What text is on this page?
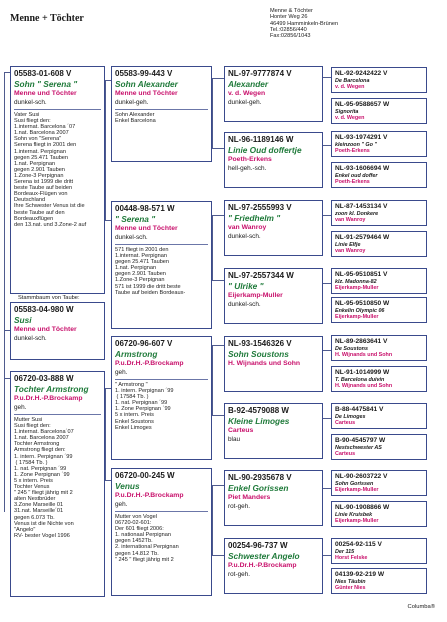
Menne + Töchter
Menne & Töchter
Honter Weg 26
46499 Hamminkeln-Brünen
Tel.:02856/440
Fax:02856/1043
05583-01-608 V
Sohn " Serena "
Menne und Töchter
dunkel-sch.
Vater Susi
Susi fliegt den:
1.internat. Barcelona ´07
1.nat. Barcelona 2007
Sohn von "Serena"
Serena fliegt in 2001 den
1.internat. Perpignan
gegen 25.471 Tauben
1.nat. Perpignan
gegen 2.901 Tauben
1.Zone-3 Perpignan
Serena ist 1999 die dritt
beste Taube auf beiden
Bordeaux-Flügen von
Deutschland
Ihre Schwester Venus ist die
beste Taube auf den
Bordeauxflügen
den 13.nat. und 3.Zone-2 auf
Stammbaum von Taube:
05583-04-980 W
Susi
Menne und Töchter
dunkel-sch.
06720-03-888 W
Tochter Armstrong
P.u.Dr.H.-P.Brockamp
geh.
Mutter Susi
Susi fliegt den:
1.internat. Barcelona´07
1.nat. Barcelona 2007
Tochter Armstrong
Armstrong fliegt den:
1. intern. Perpignan ´99
( 17584 Tb. )
1. nat. Perpignan ´99
1. Zone Perpignan ´99
5 x intern. Preis
Tochter Venus
" 245 " fliegt jährig mit 2
alten Nestbrüder
3.Zone Marseille 01
31.nat. Marseille´01
gegen 6.073 Tb.
Venus ist die Nichte von
"Angelo"
RV- bester Vogel 1996
05583-99-443 V
Sohn Alexander
Menne und Töchter
dunkel-geh.
Sohn Alexander
Enkel Barcelona
00448-98-571 W
" Serena "
Menne und Töchter
dunkel-sch.
571 fliegt in 2001 den
1.internat. Perpignan
gegen 25.471 Tauben
1.nat. Perpignan
gegen 2.901 Tauben
1.Zone-3 Perpignan
571 ist 1999 die dritt beste
Taube auf beiden Bordeaux-
06720-96-607 V
Armstrong
P.u.Dr.H.-P.Brockamp
geh.
" Armstrong "
1. intern. Perpignan ´99
( 17584 Tb. )
1. nat. Perpignan ´99
1. Zone Perpignan ´99
5 x intern. Preis
Enkel Soustons
Enkel Limoges
06720-00-245 W
Venus
P.u.Dr.H.-P.Brockamp
geh.
Mutter von Vogel
06720-02-601:
Der 601 fliegt 2006:
1. nationaal Perpignan
gegen 1452Tb.
2. international Perpignan
gegen 14.812 Tb.
" 245 " fliegt jährig mit 2
NL-97-9777874 V
Alexander
v. d. Wegen
dunkel-geh.
NL-96-1189146 W
Linie Oud doffertje
Poeth-Erkens
hell-geh.-sch.
NL-97-2555993 V
" Friedhelm "
van Wanroy
dunkel-sch.
NL-97-2557344 W
" Ulrike "
Eijerkamp-Muller
dunkel-sch.
NL-93-1546326 V
Sohn Soustons
H. Wijnands und Sohn
B-92-4579088 W
Kleine Limoges
Carteus
blau
NL-90-2935678 V
Enkel Gorissen
Piet Manders
rot-geh.
00254-96-737 W
Schwester Angelo
P.u.Dr.H.-P.Brockamp
rot-geh.
NL-92-9242422 V
De Barcelona
v. d. Wegen
NL-95-9588657 W
Signorita
v. d. Wegen
NL-93-1974291 V
kleinzoon " Go "
Poeth-Erkens
NL-93-1606694 W
Enkel oud doffer
Poeth-Erkens
NL-87-1453134 V
zoon kl. Donkere
van Wanroy
NL-91-2579464 W
Linie Elfje
van Wanroy
NL-95-9510851 V
klz. Madonna-82
Eijerkamp-Muller
NL-95-9510850 W
Enkelin Olympic 06
Eijerkamp-Muller
NL-89-2863641 V
De Soustons
H. Wijnands und Sohn
NL-91-1014999 W
T. Barcelona duivin
H. Wijnands und Sohn
B-88-4475841 V
De Limoges
Carteus
B-90-4545797 W
Nestschwester AS
Carteus
NL-90-2603722 V
Sohn Gorissen
Eijerkamp-Muller
NL-90-1908866 W
Linie Kruisbek
Eijerkamp-Muller
00254-92-115 V
Der 115
Horst Felske
04139-92-219 W
Nies Täubin
Günter Nies
Columba®
